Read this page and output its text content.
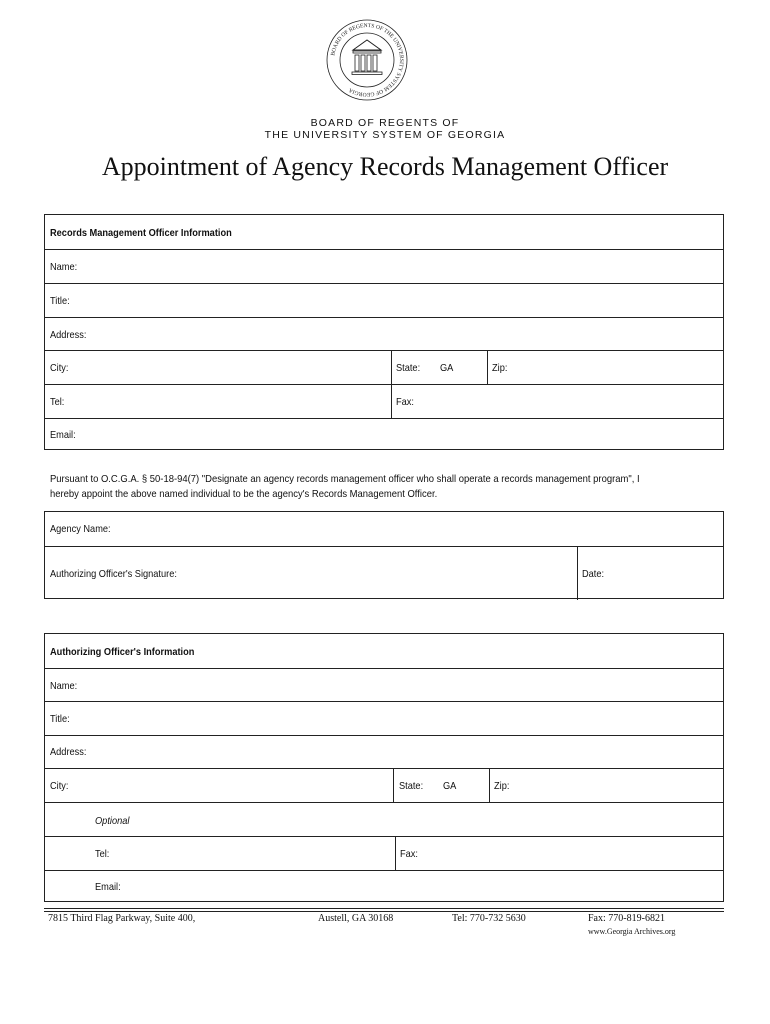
BOARD OF REGENTS OF THE UNIVERSITY SYSTEM OF GEORGIA
BOARD OF REGENTS OF
THE UNIVERSITY SYSTEM OF GEORGIA
Appointment of Agency Records Management Officer
Records Management Officer Information
Name:
Title:
Address:
City:	State: GA	Zip:
Tel:	Fax:
Email:
Pursuant to O.C.G.A. § 50-18-94(7) "Designate an agency records management officer who shall operate a records management program", I
hereby appoint the above named individual to be the agency's Records Management Officer.
Agency Name:
Authorizing Officer's Signature:	Date:
Authorizing Officer's Information
Name:
Title:
Address:
City:	State: GA	Zip:
Optional
Tel:	Fax:
Email:
7815 Third Flag Parkway, Suite 400,	Austell, GA 30168	Tel: 770-732 5630	Fax: 770-819-6821
www.Georgia Archives.org
